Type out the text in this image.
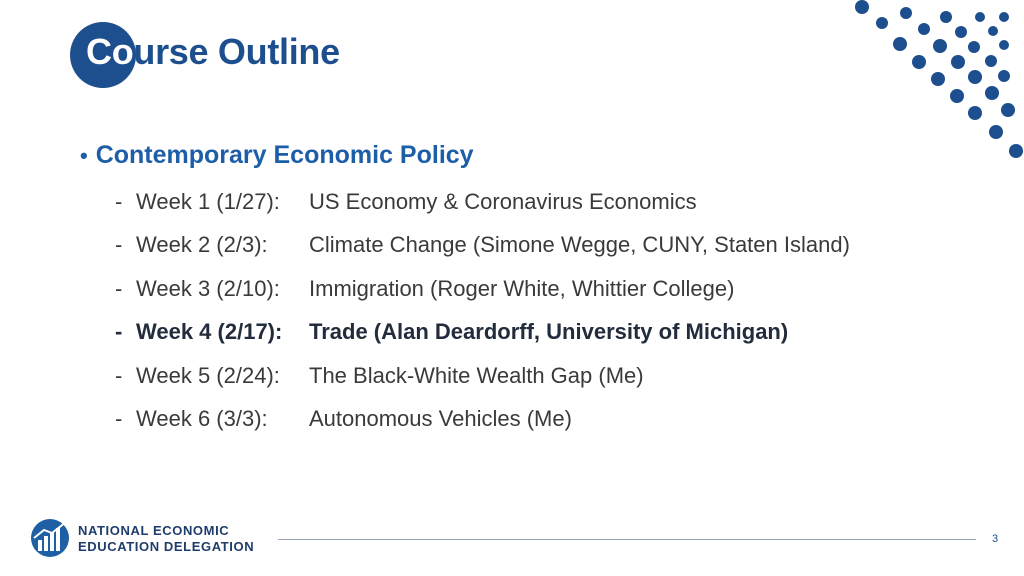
Course Outline
• Contemporary Economic Policy
- Week 1 (1/27): US Economy & Coronavirus Economics
- Week 2 (2/3): Climate Change (Simone Wegge, CUNY, Staten Island)
- Week 3 (2/10): Immigration (Roger White, Whittier College)
- Week 4 (2/17): Trade (Alan Deardorff, University of Michigan)
- Week 5 (2/24): The Black-White Wealth Gap (Me)
- Week 6 (3/3): Autonomous Vehicles (Me)
NATIONAL ECONOMIC
EDUCATION DELEGATION	3
